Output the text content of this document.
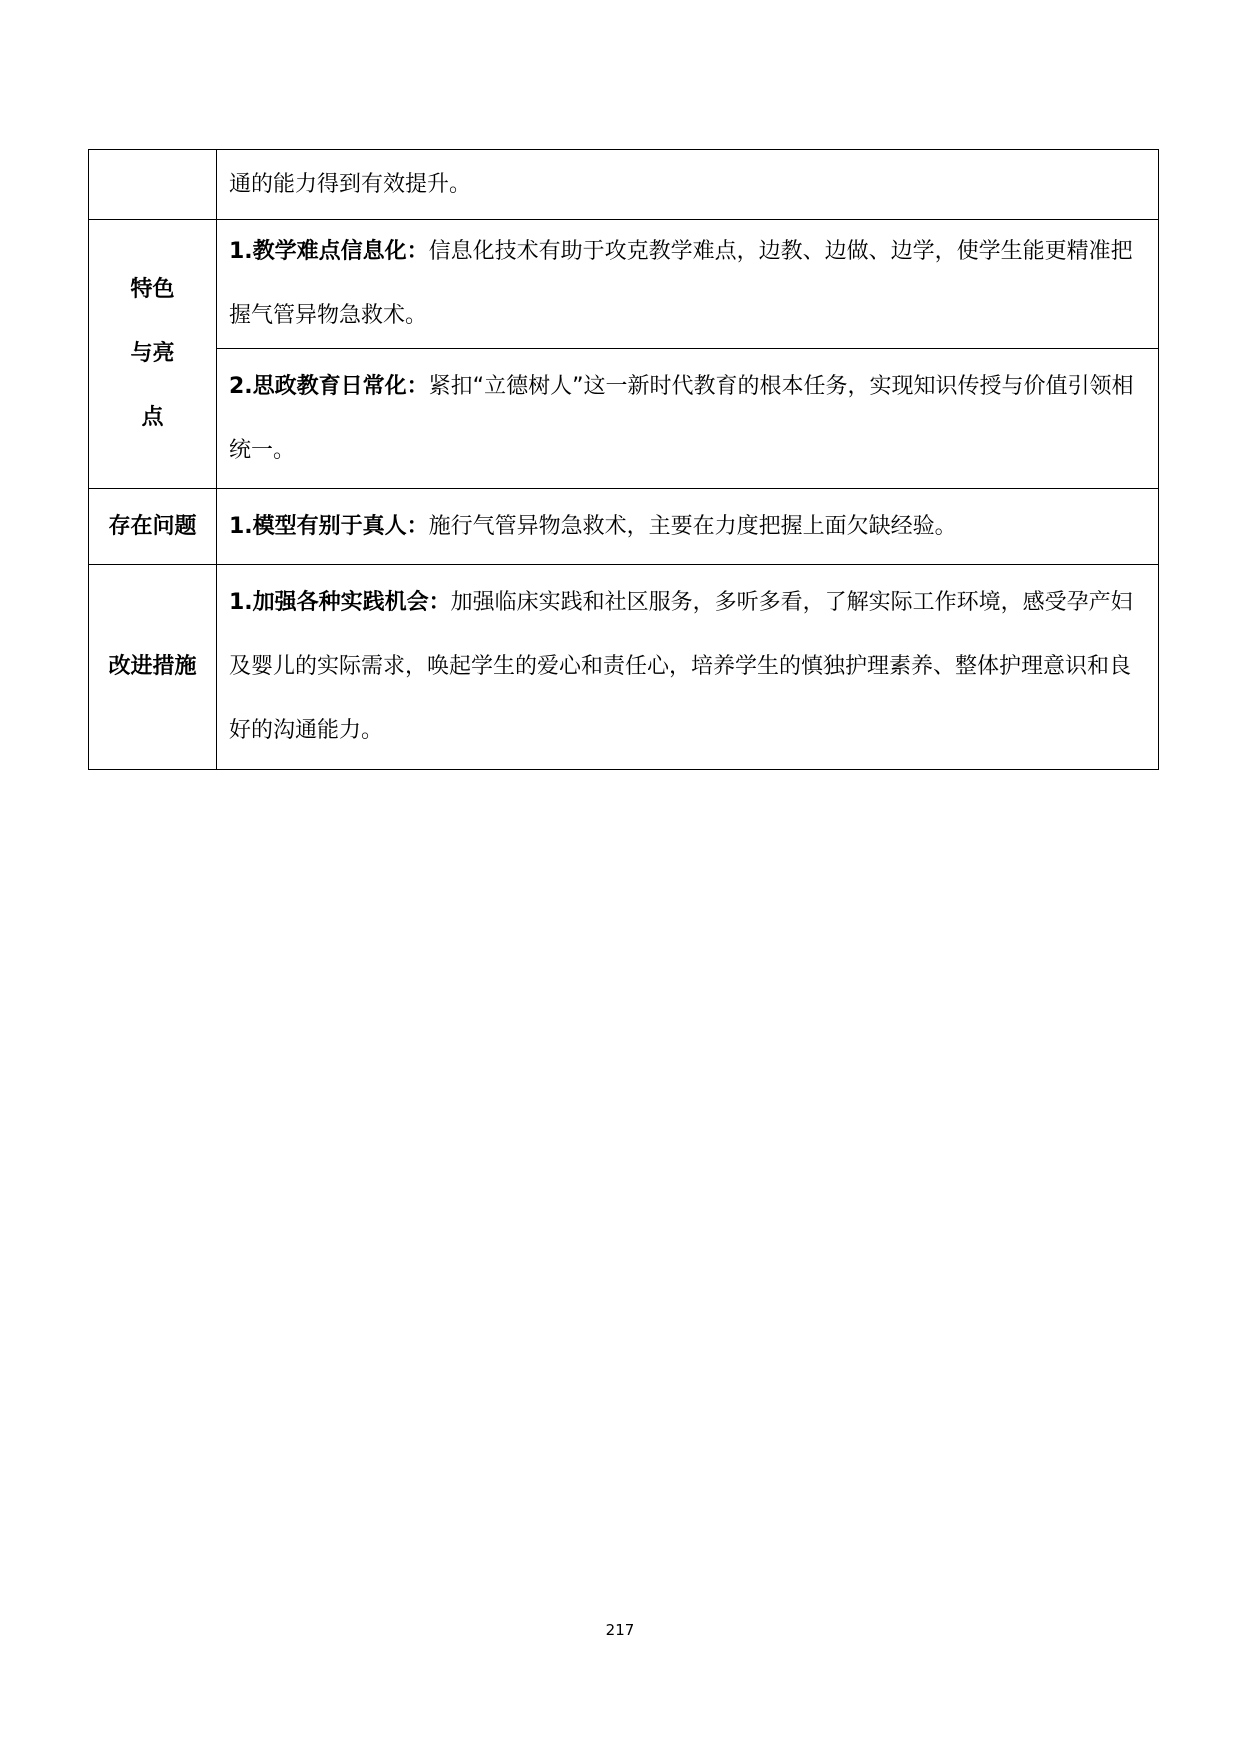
	通的能力得到有效提升。
特色与亮点	1.教学难点信息化：信息化技术有助于攻克教学难点，边教、边做、边学，使学生能更精准把握气管异物急救术。
	2.思政教育日常化：紧扣“立德树人”这一新时代教育的根本任务，实现知识传授与价值引领相统一。
存在问题	1.模型有别于真人：施行气管异物急救术，主要在力度把握上面欠缺经验。
改进措施	1.加强各种实践机会：加强临床实践和社区服务，多听多看，了解实际工作环境，感受孕产妇及婴儿的实际需求，唤起学生的爱心和责任心，培养学生的慎独护理素养、整体护理意识和良好的沟通能力。
217
